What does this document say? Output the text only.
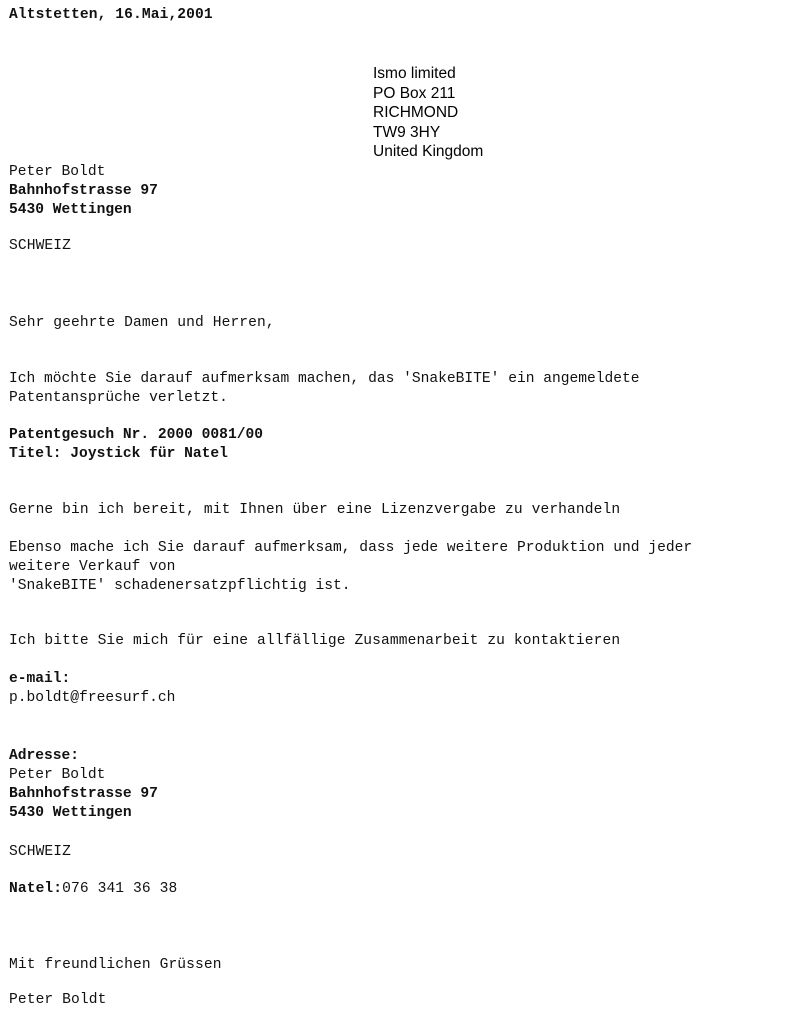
Altstetten, 16.Mai,2001
Ismo limited
PO Box 211
RICHMOND
TW9 3HY
United Kingdom
Peter Boldt
Bahnhofstrasse 97
5430 Wettingen
SCHWEIZ
Sehr geehrte Damen und Herren,
Ich möchte Sie darauf aufmerksam machen, das 'SnakeBITE' ein angemeldete
Patentansprüche verletzt.
Patentgesuch Nr. 2000 0081/00
Titel: Joystick für Natel
Gerne bin ich bereit, mit Ihnen über eine Lizenzvergabe zu verhandeln
Ebenso mache ich Sie darauf aufmerksam, dass jede weitere Produktion und jeder
weitere Verkauf von
'SnakeBITE' schadenersatzpflichtig ist.
Ich bitte Sie mich für eine allfällige Zusammenarbeit zu kontaktieren
e-mail:
p.boldt@freesurf.ch
Adresse:
Peter Boldt
Bahnhofstrasse 97
5430 Wettingen
SCHWEIZ
Natel:076 341 36 38
Mit freundlichen Grüssen
Peter Boldt
